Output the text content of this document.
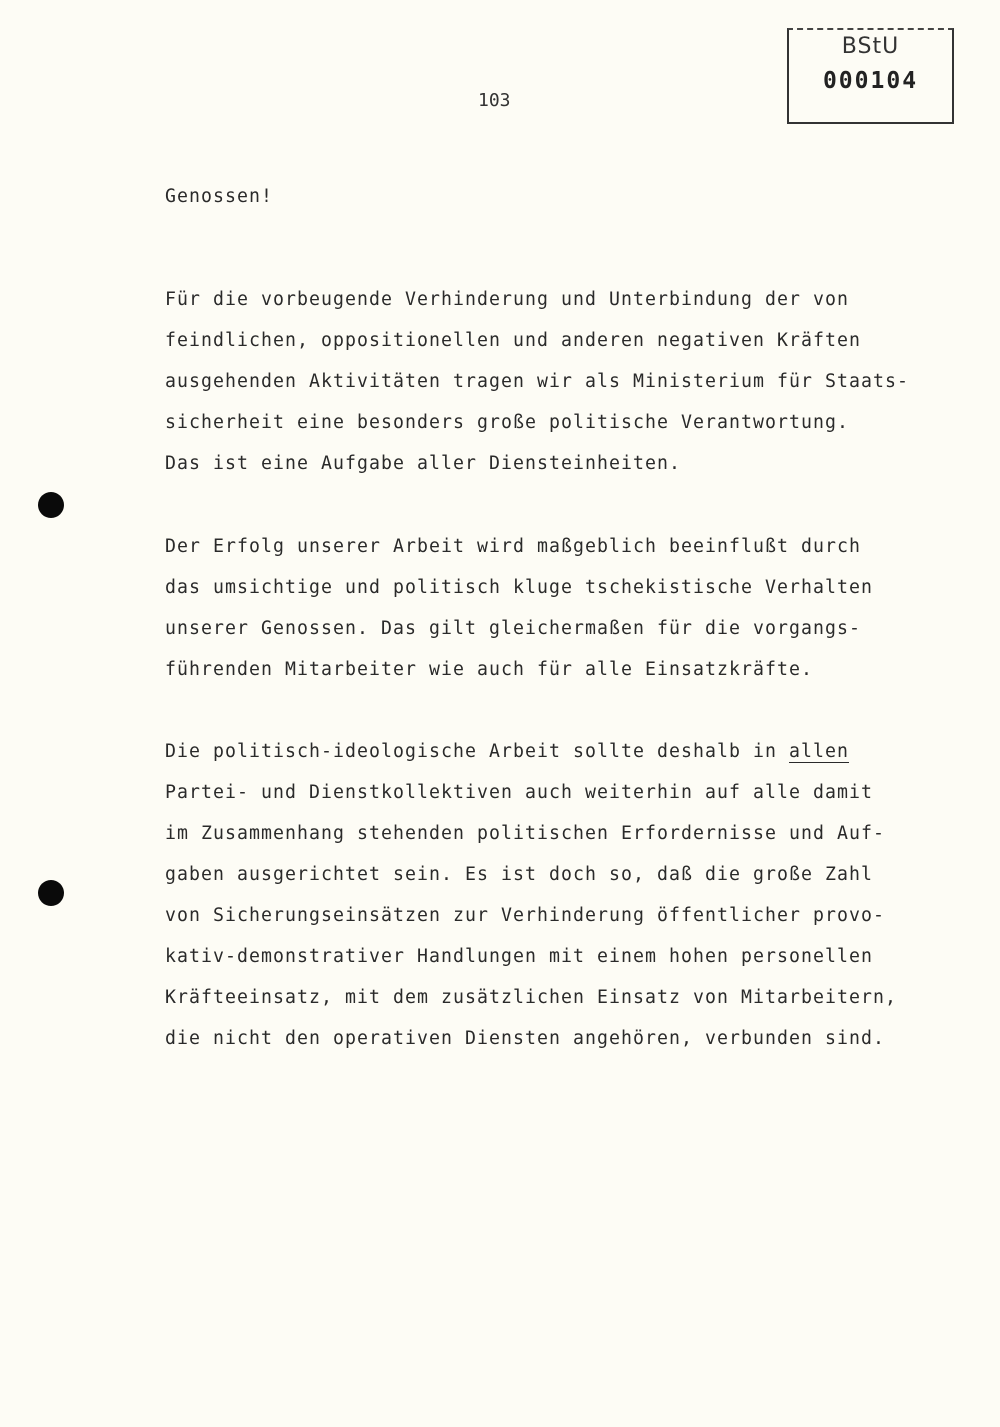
BStU
000104
103
Genossen!
Für die vorbeugende Verhinderung und Unterbindung der von
feindlichen, oppositionellen und anderen negativen Kräften
ausgehenden Aktivitäten tragen wir als Ministerium für Staats-
sicherheit eine besonders große politische Verantwortung.
Das ist eine Aufgabe aller Diensteinheiten.
Der Erfolg unserer Arbeit wird maßgeblich beeinflußt durch
das umsichtige und politisch kluge tschekistische Verhalten
unserer Genossen. Das gilt gleichermaßen für die vorgangs-
führenden Mitarbeiter wie auch für alle Einsatzkräfte.
Die politisch-ideologische Arbeit sollte deshalb in allen
Partei- und Dienstkollektiven auch weiterhin auf alle damit
im Zusammenhang stehenden politischen Erfordernisse und Auf-
gaben ausgerichtet sein. Es ist doch so, daß die große Zahl
von Sicherungseinsätzen zur Verhinderung öffentlicher provo-
kativ-demonstrativer Handlungen mit einem hohen personellen
Kräfteeinsatz, mit dem zusätzlichen Einsatz von Mitarbeitern,
die nicht den operativen Diensten angehören, verbunden sind.
